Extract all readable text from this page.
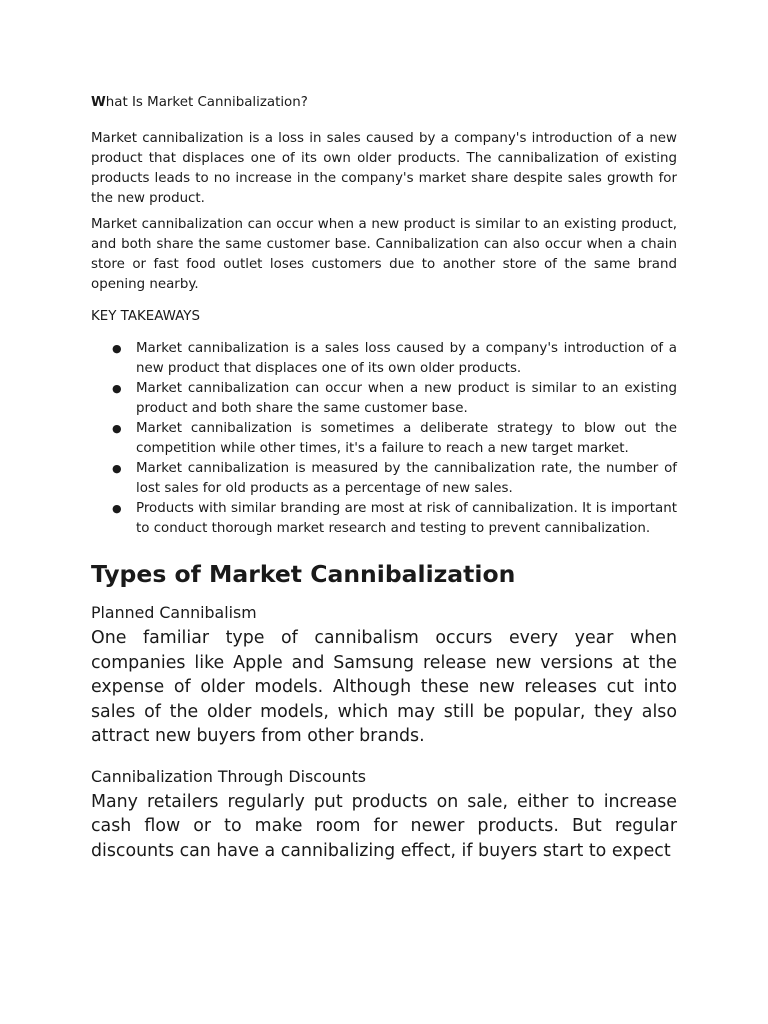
What Is Market Cannibalization?

Market cannibalization is a loss in sales caused by a company's introduction of a new product that displaces one of its own older products. The cannibalization of existing products leads to no increase in the company's market share despite sales growth for the new product.

Market cannibalization can occur when a new product is similar to an existing product, and both share the same customer base. Cannibalization can also occur when a chain store or fast food outlet loses customers due to another store of the same brand opening nearby.

KEY TAKEAWAYS
● Market cannibalization is a sales loss caused by a company's introduction of a new product that displaces one of its own older products.
● Market cannibalization can occur when a new product is similar to an existing product and both share the same customer base.
● Market cannibalization is sometimes a deliberate strategy to blow out the competition while other times, it's a failure to reach a new target market.
● Market cannibalization is measured by the cannibalization rate, the number of lost sales for old products as a percentage of new sales.
● Products with similar branding are most at risk of cannibalization. It is important to conduct thorough market research and testing to prevent cannibalization.
Types of Market Cannibalization
Planned Cannibalism

One familiar type of cannibalism occurs every year when companies like Apple and Samsung release new versions at the expense of older models. Although these new releases cut into sales of the older models, which may still be popular, they also attract new buyers from other brands.

Cannibalization Through Discounts

Many retailers regularly put products on sale, either to increase cash flow or to make room for newer products. But regular discounts can have a cannibalizing effect, if buyers start to expect
